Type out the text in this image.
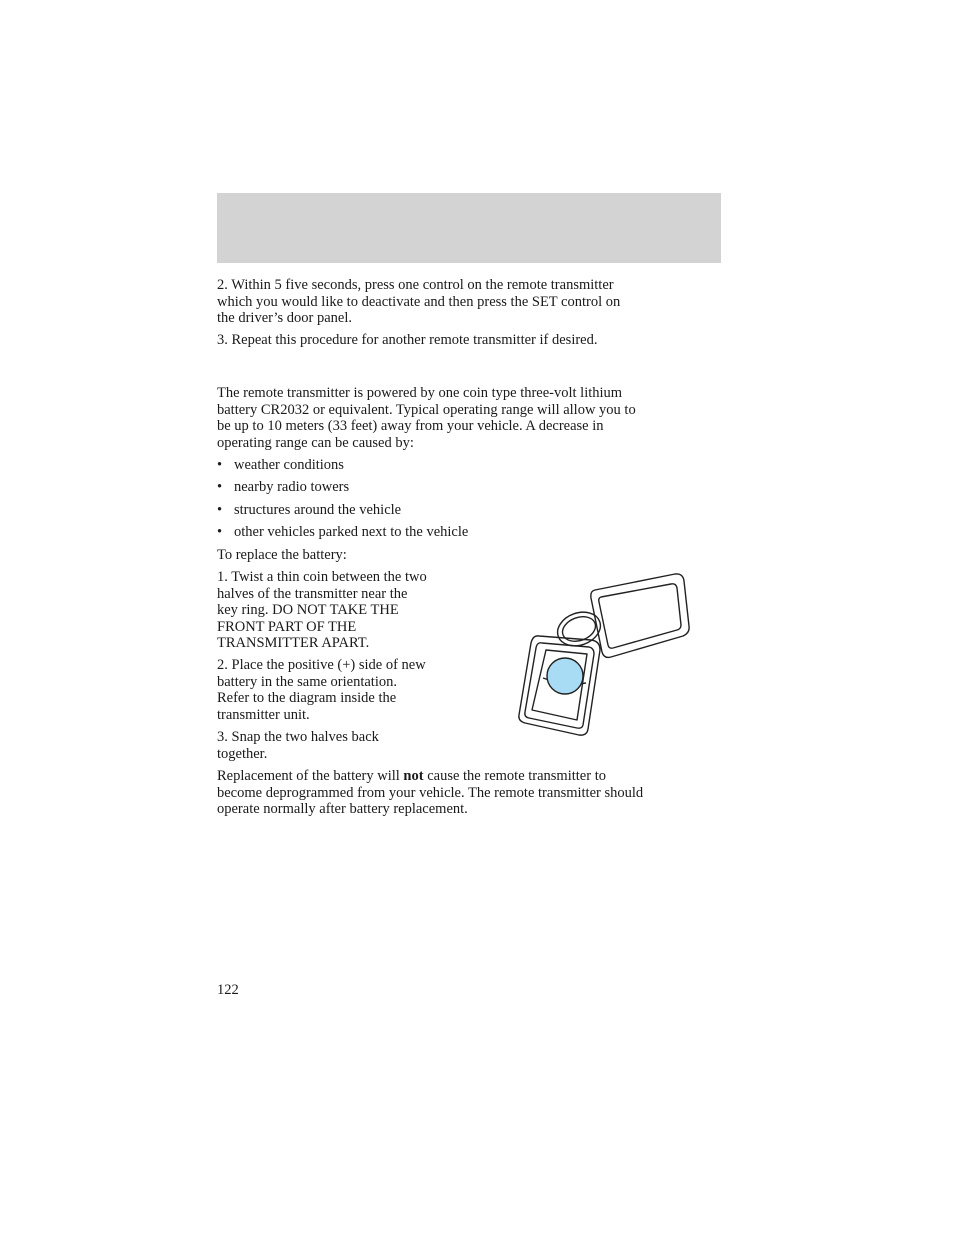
2. Within 5 five seconds, press one control on the remote transmitter
which you would like to deactivate and then press the SET control on
the driver’s door panel.

3. Repeat this procedure for another remote transmitter if desired.

The remote transmitter is powered by one coin type three-volt lithium
battery CR2032 or equivalent. Typical operating range will allow you to
be up to 10 meters (33 feet) away from your vehicle. A decrease in
operating range can be caused by:

• weather conditions

• nearby radio towers

• structures around the vehicle

• other vehicles parked next to the vehicle

To replace the battery:

1. Twist a thin coin between the two
halves of the transmitter near the
key ring. DO NOT TAKE THE
FRONT PART OF THE
TRANSMITTER APART.

2. Place the positive (+) side of new
battery in the same orientation.
Refer to the diagram inside the
transmitter unit.

3. Snap the two halves back
together.

Replacement of the battery will not cause the remote transmitter to
become deprogrammed from your vehicle. The remote transmitter should
operate normally after battery replacement.

122
